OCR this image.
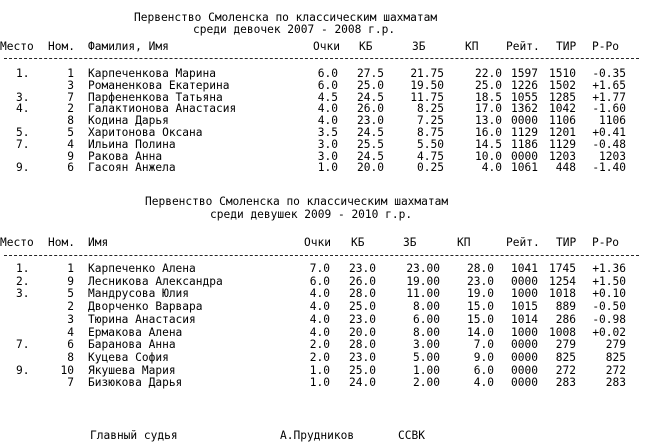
Первенство Смоленска по классическим шахматам
среди девочек 2007 - 2008 г.р.
Место Ном. Фамилия, Имя	Очки КБ	ЗБ	КП Рейт. ТИР Р-Ро
1.	1 Карпеченкова Марина	6.0	27.5	21.75	22.0 1597 1510	-0.35
3 Романенкова Екатерина	6.0	25.0	19.50	25.0 1226 1502	+1.65
3.	7 Парфененкова Татьяна	4.5	24.5	11.75	18.5 1055 1285	+1.77
4.	2 Галактионова Анастасия	4.0	26.0	8.25	17.0 1362 1042	-1.60
8 Кодина Дарья	4.0	23.0	7.25	13.0 0000 1106	1106
5.	5 Харитонова Оксана	3.5	24.5	8.75	16.0 1129 1201	+0.41
7.	4 Ильина Полина	3.0	25.5	5.50	14.5 1186 1129	-0.48
9 Ракова Анна	3.0	24.5	4.75	10.0 0000 1203	1203
9.	6 Гасоян Анжела	1.0	20.0	0.25	4.0 1061	448	-1.40
Первенство Смоленска по классическим шахматам
среди девушек 2009 - 2010 г.р.
Место Ном. Имя	Очки КБ	ЗБ	КП	Рейт. ТИР Р-Ро
1.	1 Карпеченко Алена	7.0	23.0	23.00	28.0 1041 1745	+1.36
2.	9 Лесникова Александра	6.0	26.0	19.00	23.0 0000 1254	+1.50
3.	5 Мандрусова Юлия	4.0	28.0	11.00	19.0 1000 1018	+0.10
2 Дворченко Варвара	4.0	25.0	8.00	15.0 1015	889	-0.50
3 Тюрина Анастасия	4.0	23.0	6.00	15.0 1014	286	-0.98
4 Ермакова Алена	4.0	20.0	8.00	14.0 1000 1008	+0.02
7.	6 Баранова Анна	2.0	28.0	3.00	7.0 0000	279	279
8 Куцева София	2.0	23.0	5.00	9.0 0000	825	825
9.	10 Якушева Мария	1.0	25.0	1.00	6.0 0000	272	272
7 Бизюкова Дарья	1.0	24.0	2.00	4.0 0000	283	283
Главный судья	А.Прудников	ССВК
